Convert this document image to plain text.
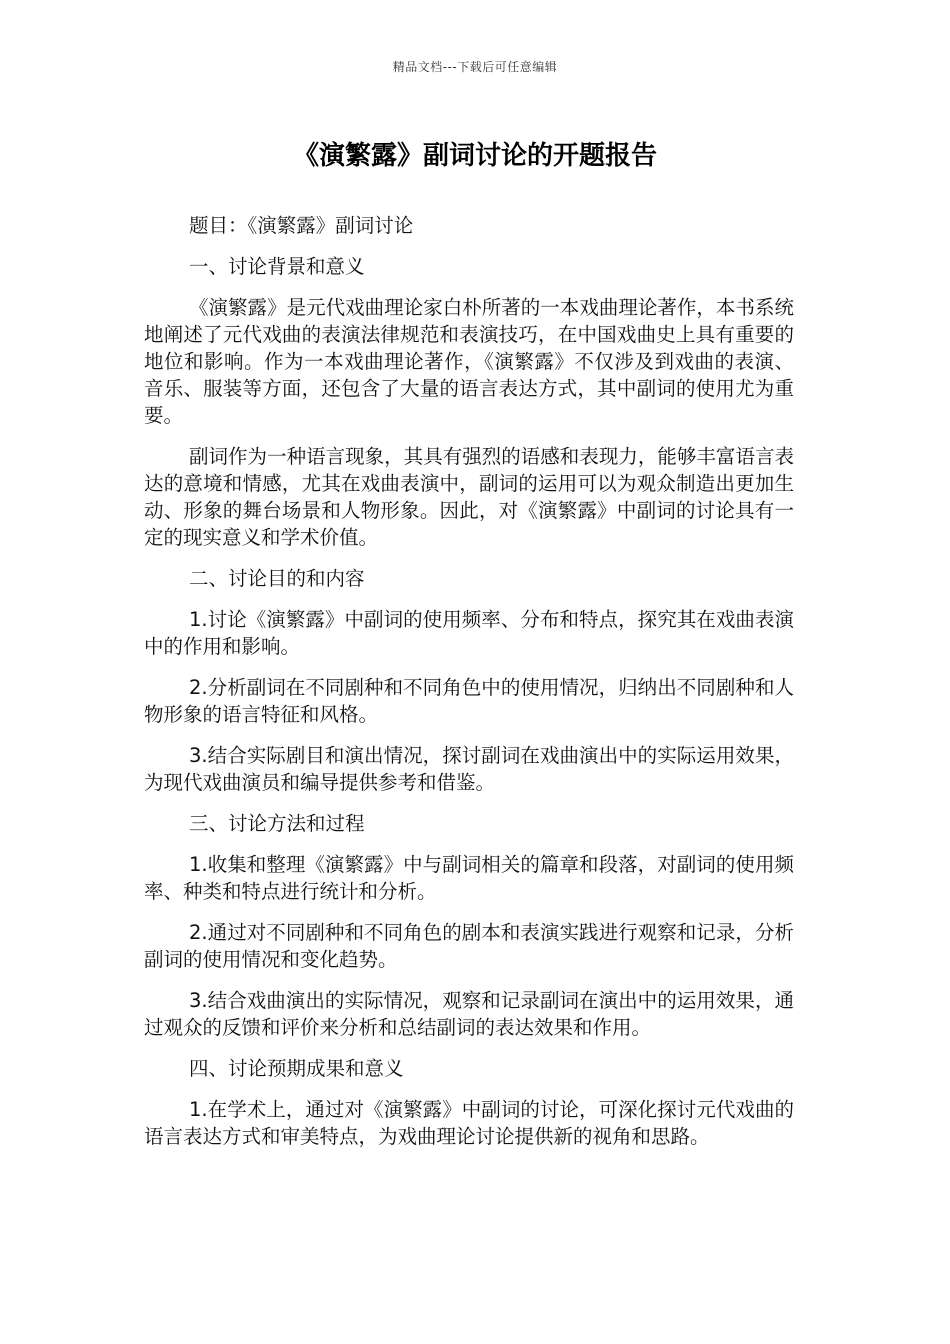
精品文档---下载后可任意编辑
《演繁露》副词讨论的开题报告

题目：《演繁露》副词讨论

一、讨论背景和意义

《演繁露》是元代戏曲理论家白朴所著的一本戏曲理论著作，本书系统地阐述了元代戏曲的表演法律规范和表演技巧，在中国戏曲史上具有重要的地位和影响。作为一本戏曲理论著作，《演繁露》不仅涉及到戏曲的表演、音乐、服装等方面，还包含了大量的语言表达方式，其中副词的使用尤为重要。

副词作为一种语言现象，其具有强烈的语感和表现力，能够丰富语言表达的意境和情感，尤其在戏曲表演中，副词的运用可以为观众制造出更加生动、形象的舞台场景和人物形象。因此，对《演繁露》中副词的讨论具有一定的现实意义和学术价值。

二、讨论目的和内容

1.讨论《演繁露》中副词的使用频率、分布和特点，探究其在戏曲表演中的作用和影响。

2.分析副词在不同剧种和不同角色中的使用情况，归纳出不同剧种和人物形象的语言特征和风格。

3.结合实际剧目和演出情况，探讨副词在戏曲演出中的实际运用效果，为现代戏曲演员和编导提供参考和借鉴。

三、讨论方法和过程

1.收集和整理《演繁露》中与副词相关的篇章和段落，对副词的使用频率、种类和特点进行统计和分析。

2.通过对不同剧种和不同角色的剧本和表演实践进行观察和记录，分析副词的使用情况和变化趋势。

3.结合戏曲演出的实际情况，观察和记录副词在演出中的运用效果，通过观众的反馈和评价来分析和总结副词的表达效果和作用。

四、讨论预期成果和意义

1.在学术上，通过对《演繁露》中副词的讨论，可深化探讨元代戏曲的语言表达方式和审美特点，为戏曲理论讨论提供新的视角和思路。
